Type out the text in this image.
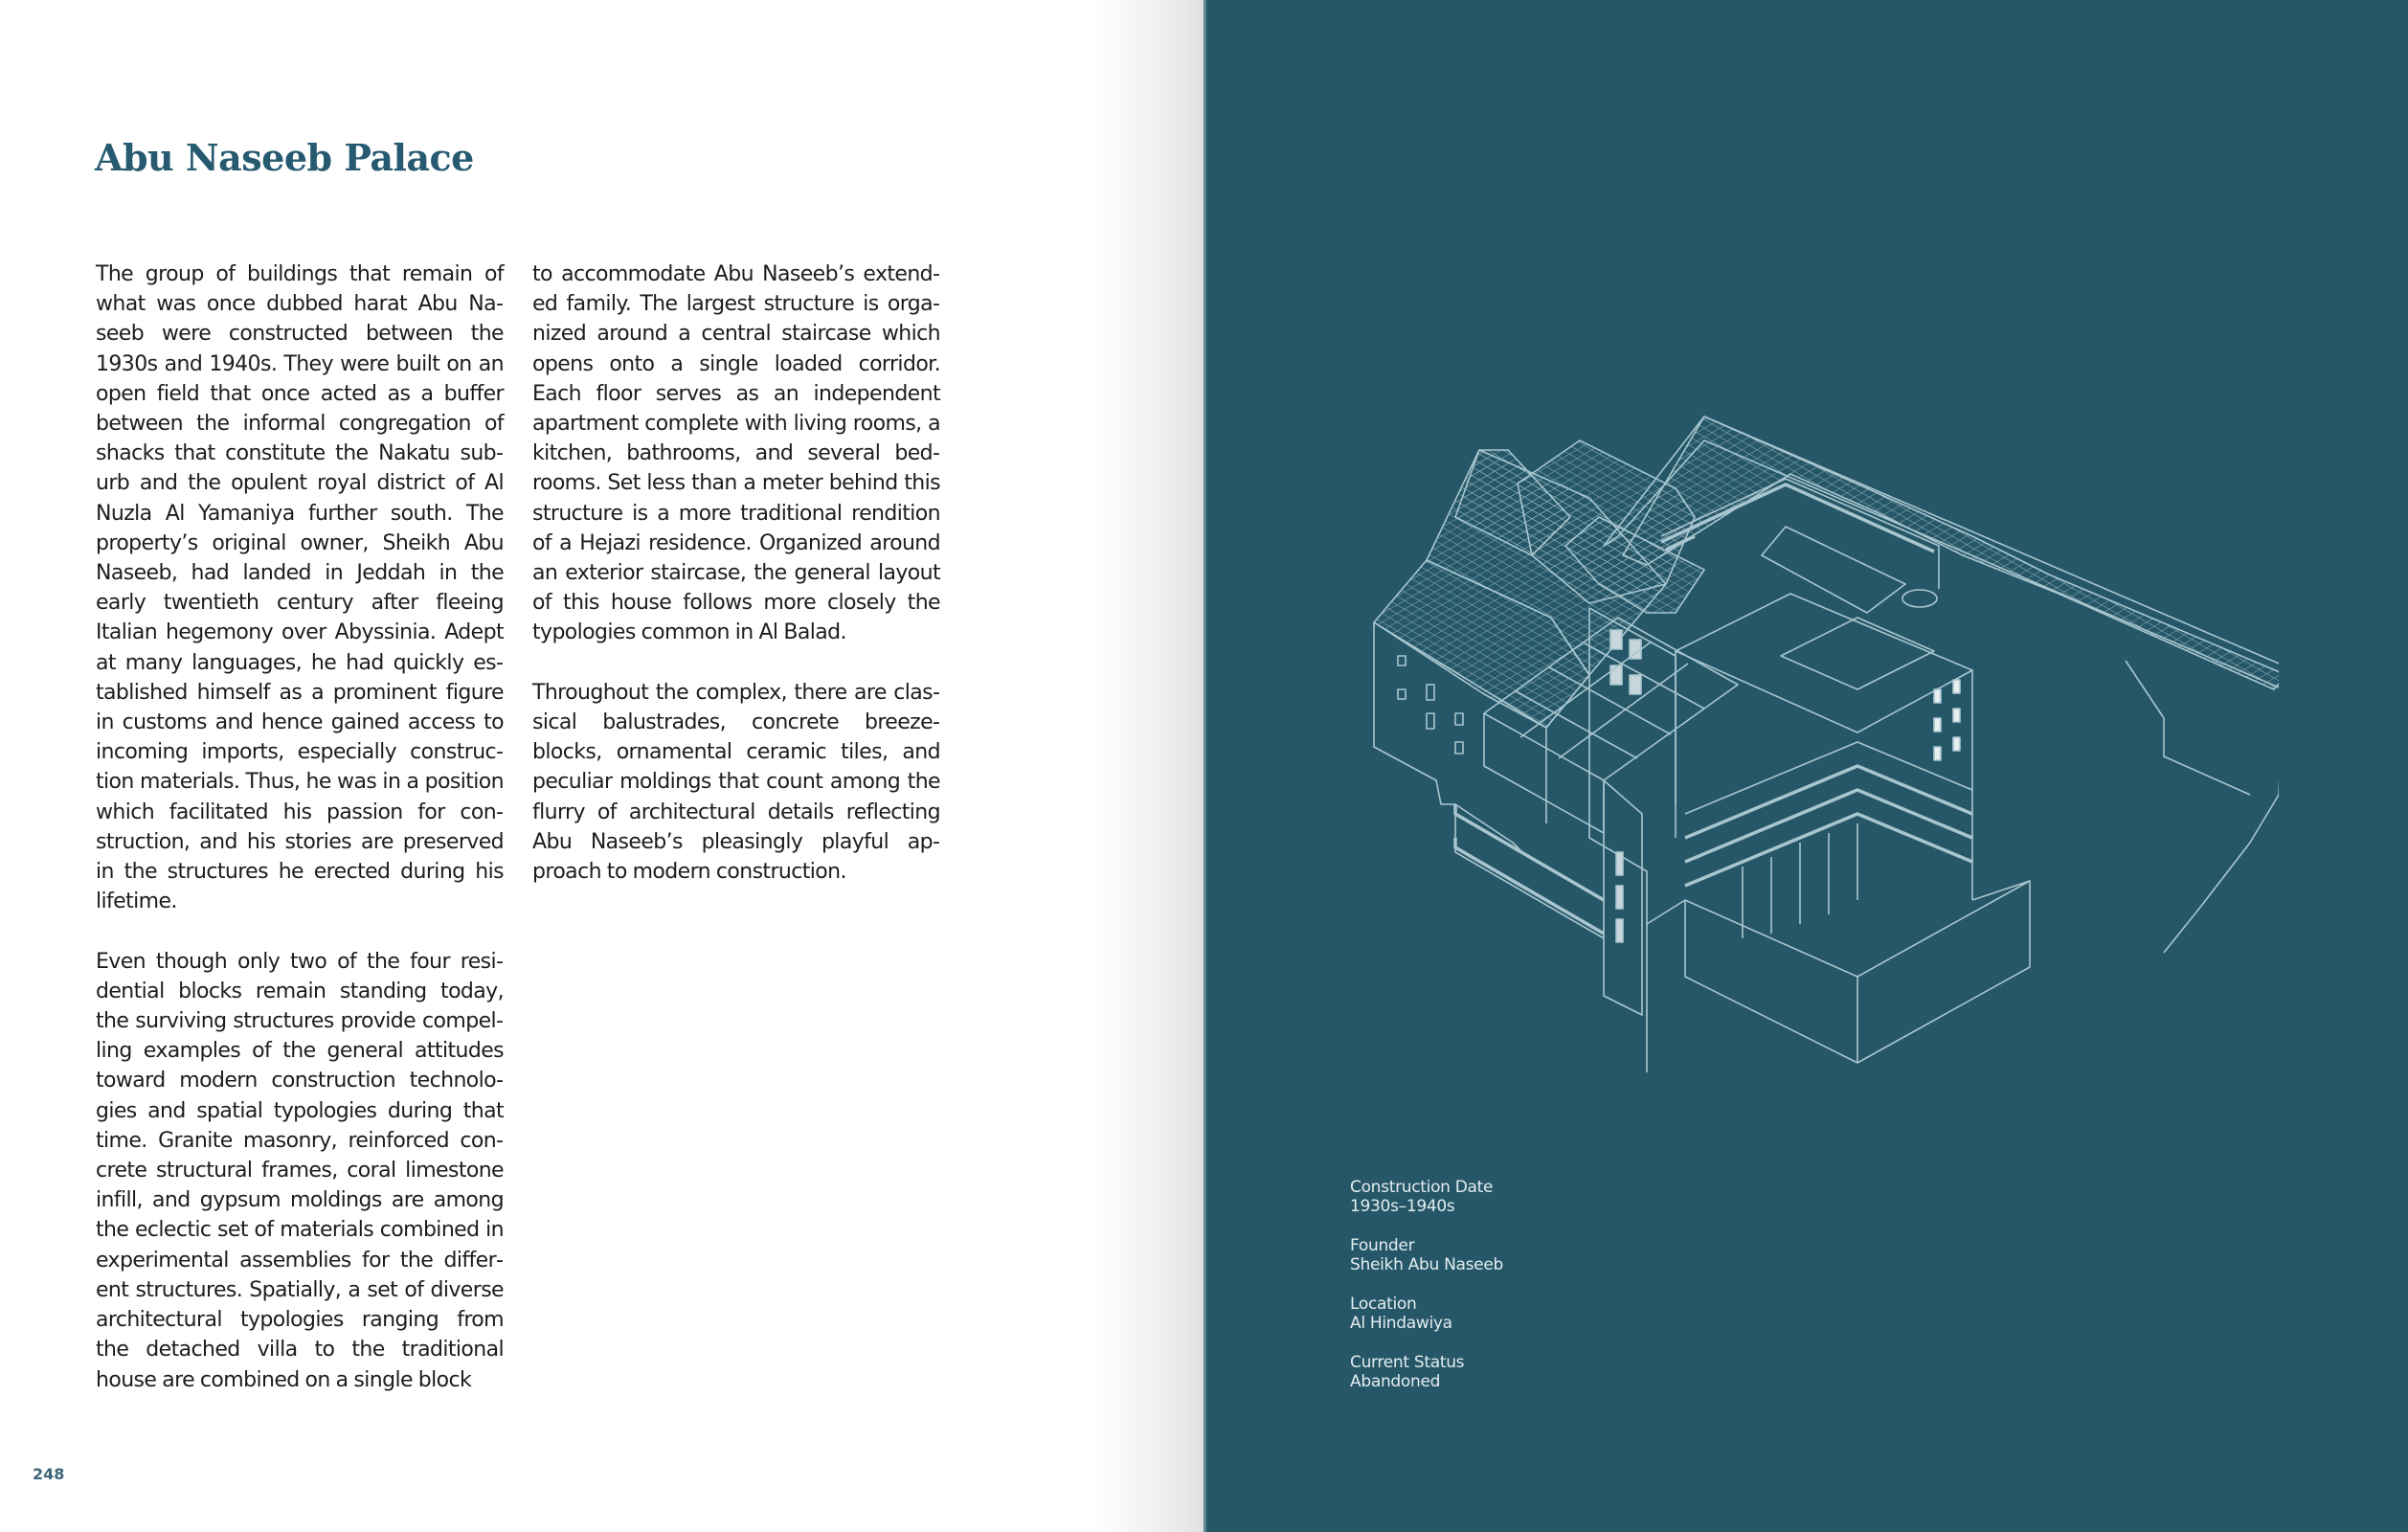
Abu Naseeb Palace

The group of buildings that remain of what was once dubbed harat Abu Naseeb were constructed between the 1930s and 1940s. They were built on an open field that once acted as a buffer between the informal congregation of shacks that constitute the Nakatu suburb and the opulent royal district of Al Nuzla Al Yamaniya further south. The property’s original owner, Sheikh Abu Naseeb, had landed in Jeddah in the early twentieth century after fleeing Italian hegemony over Abyssinia. Adept at many languages, he had quickly established himself as a prominent figure in customs and hence gained access to incoming imports, especially construction materials. Thus, he was in a position which facilitated his passion for construction, and his stories are preserved in the structures he erected during his lifetime.

Even though only two of the four residential blocks remain standing today, the surviving structures provide compelling examples of the general attitudes toward modern construction technologies and spatial typologies during that time. Granite masonry, reinforced concrete structural frames, coral limestone infill, and gypsum moldings are among the eclectic set of materials combined in experimental assemblies for the different structures. Spatially, a set of diverse architectural typologies ranging from the detached villa to the traditional house are combined on a single block

to accommodate Abu Naseeb’s extended family. The largest structure is organized around a central staircase which opens onto a single loaded corridor. Each floor serves as an independent apartment complete with living rooms, a kitchen, bathrooms, and several bedrooms. Set less than a meter behind this structure is a more traditional rendition of a Hejazi residence. Organized around an exterior staircase, the general layout of this house follows more closely the typologies common in Al Balad.

Throughout the complex, there are classical balustrades, concrete breezeblocks, ornamental ceramic tiles, and peculiar moldings that count among the flurry of architectural details reflecting Abu Naseeb’s pleasingly playful approach to modern construction.

248
Construction Date
1930s–1940s
Founder
Sheikh Abu Naseeb
Location
Al Hindawiya
Current Status
Abandoned
